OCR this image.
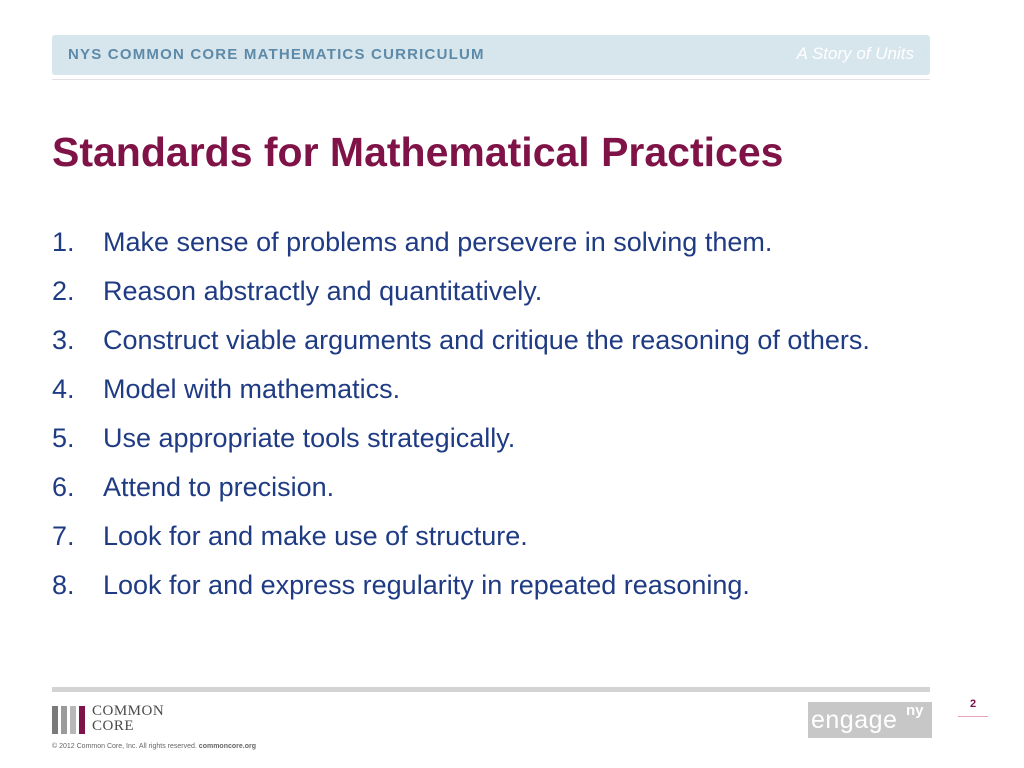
NYS COMMON CORE MATHEMATICS CURRICULUM	A Story of Units
Standards for Mathematical Practices
1.	Make sense of problems and persevere in solving them.
2.	Reason abstractly and quantitatively.
3.	Construct viable arguments and critique the reasoning of others.
4.	Model with mathematics.
5.	Use appropriate tools strategically.
6.	Attend to precision.
7.	Look for and make use of structure.
8.	Look for and express regularity in repeated reasoning.
COMMON
CORE
© 2012 Common Core, Inc. All rights reserved. commoncore.org
engage ny	2
